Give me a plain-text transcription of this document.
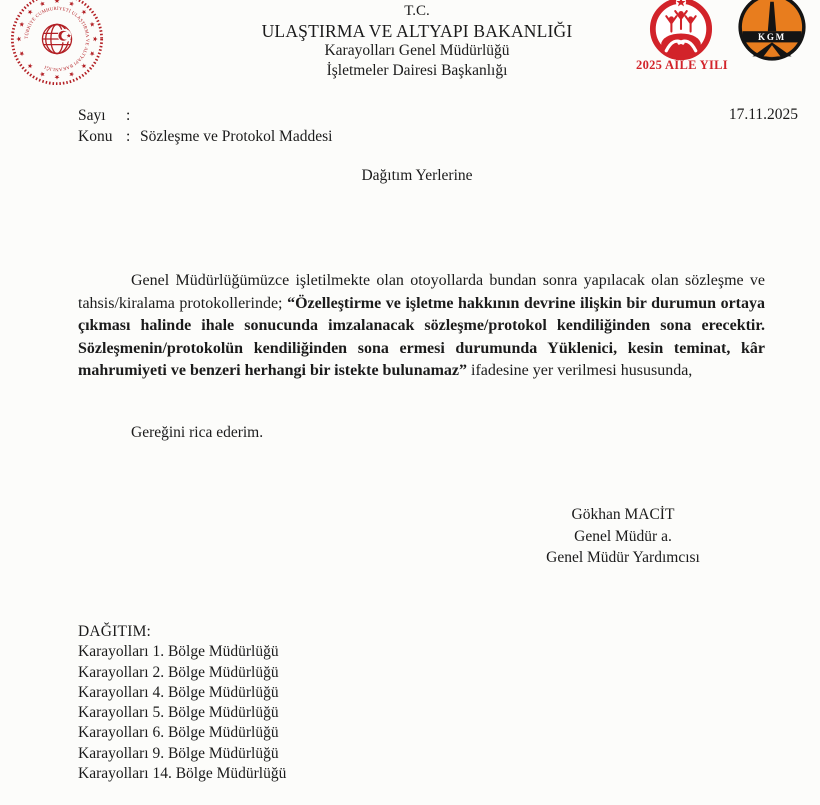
TÜRKİYE CUMHURİYETİ ULAŞTIRMA VE ALTYAPI BAKANLIĞI
T.C.
ULAŞTIRMA VE ALTYAPI BAKANLIĞI
Karayolları Genel Müdürlüğü
İşletmeler Dairesi Başkanlığı	2025 AİLE YILI
KGM
Sayı	:
Konu : Sözleşme ve Protokol Maddesi
17.11.2025
Dağıtım Yerlerine
Genel Müdürlüğümüzce işletilmekte olan otoyollarda bundan sonra yapılacak olan sözleşme ve tahsis/kiralama protokollerinde; “Özelleştirme ve işletme hakkının devrine ilişkin bir durumun ortaya çıkması halinde ihale sonucunda imzalanacak sözleşme/protokol kendiliğinden sona erecektir. Sözleşmenin/protokolün kendiliğinden sona ermesi durumunda Yüklenici, kesin teminat, kâr mahrumiyeti ve benzeri herhangi bir istekte bulunamaz” ifadesine yer verilmesi hususunda,
Gereğini rica ederim.
Gökhan MACİT
Genel Müdür a.
Genel Müdür Yardımcısı
DAĞITIM:
Karayolları 1. Bölge Müdürlüğü
Karayolları 2. Bölge Müdürlüğü
Karayolları 4. Bölge Müdürlüğü
Karayolları 5. Bölge Müdürlüğü
Karayolları 6. Bölge Müdürlüğü
Karayolları 9. Bölge Müdürlüğü
Karayolları 14. Bölge Müdürlüğü
